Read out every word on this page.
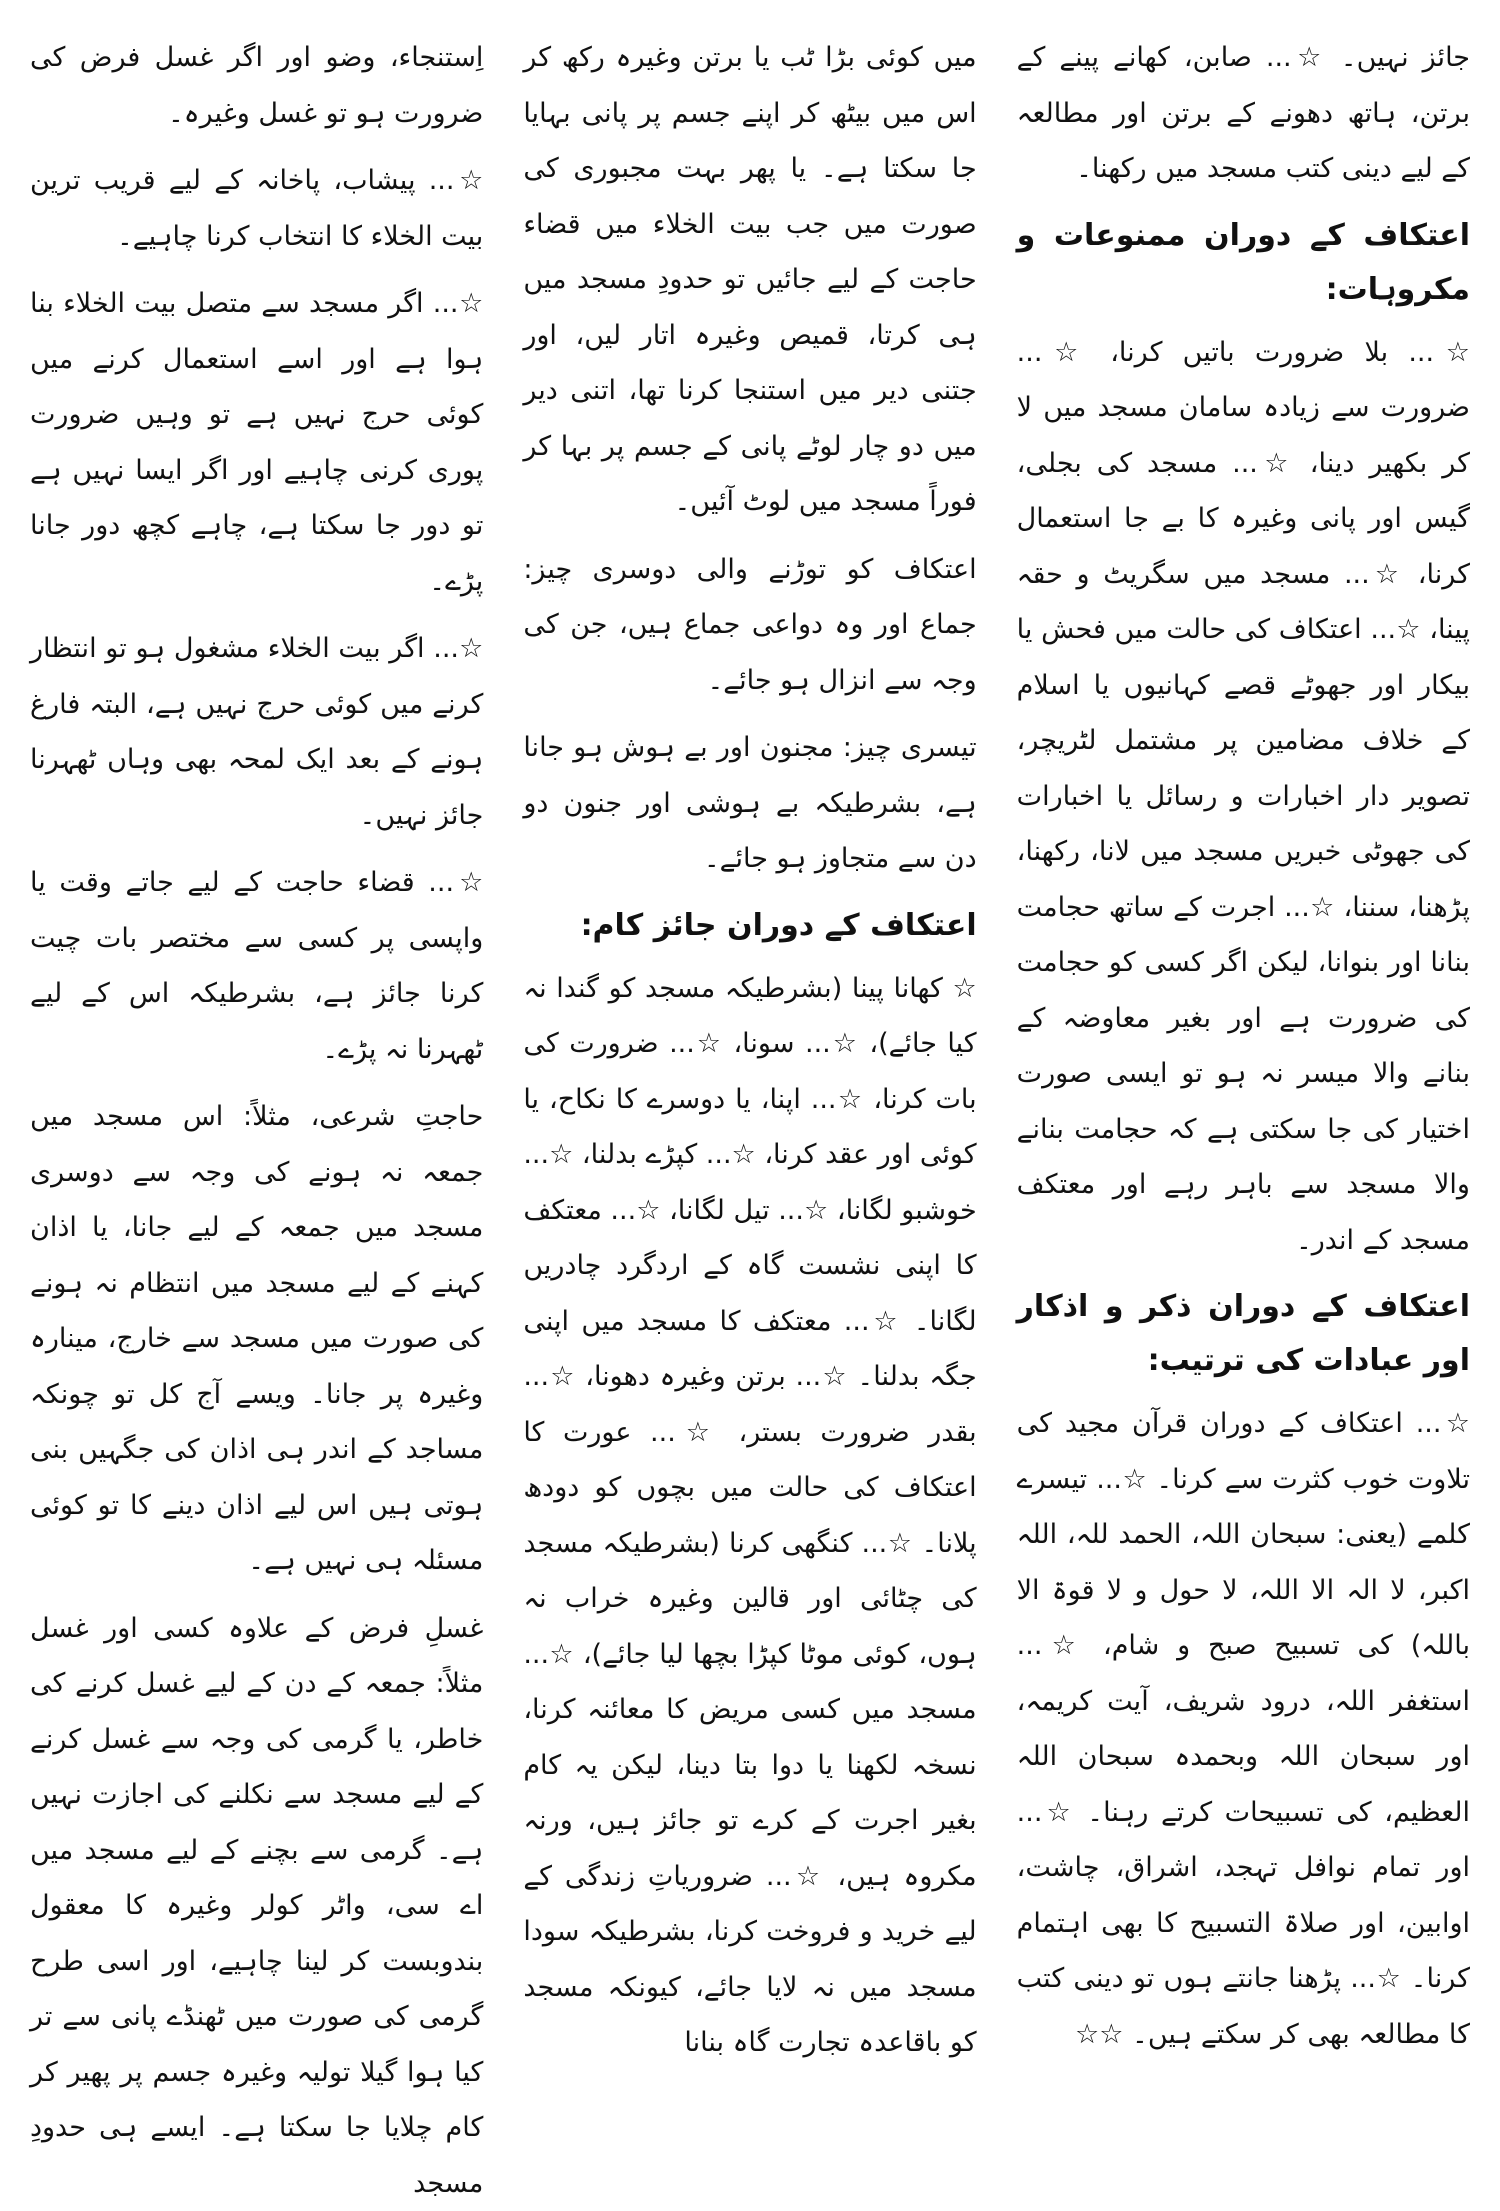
اِستنجاء، وضو اور اگر غسل فرض کی ضرورت ہو تو غسل وغیرہ۔

☆... پیشاب، پاخانہ کے لیے قریب ترین بیت الخلاء کا انتخاب کرنا چاہیے۔

☆... اگر مسجد سے متصل بیت الخلاء بنا ہوا ہے اور اسے استعمال کرنے میں کوئی حرج نہیں ہے تو وہیں ضرورت پوری کرنی چاہیے اور اگر ایسا نہیں ہے تو دور جا سکتا ہے، چاہے کچھ دور جانا پڑے۔

☆... اگر بیت الخلاء مشغول ہو تو انتظار کرنے میں کوئی حرج نہیں ہے، البتہ فارغ ہونے کے بعد ایک لمحہ بھی وہاں ٹھہرنا جائز نہیں۔

☆... قضاء حاجت کے لیے جاتے وقت یا واپسی پر کسی سے مختصر بات چیت کرنا جائز ہے، بشرطیکہ اس کے لیے ٹھہرنا نہ پڑے۔

حاجتِ شرعی، مثلاً: اس مسجد میں جمعہ نہ ہونے کی وجہ سے دوسری مسجد میں جمعہ کے لیے جانا، یا اذان کہنے کے لیے مسجد میں انتظام نہ ہونے کی صورت میں مسجد سے خارج، مینارہ وغیرہ پر جانا۔ ویسے آج کل تو چونکہ مساجد کے اندر ہی اذان کی جگہیں بنی ہوتی ہیں اس لیے اذان دینے کا تو کوئی مسئلہ ہی نہیں ہے۔

غسلِ فرض کے علاوہ کسی اور غسل مثلاً: جمعہ کے دن کے لیے غسل کرنے کی خاطر، یا گرمی کی وجہ سے غسل کرنے کے لیے مسجد سے نکلنے کی اجازت نہیں ہے۔ گرمی سے بچنے کے لیے مسجد میں اے سی، واٹر کولر وغیرہ کا معقول بندوبست کر لینا چاہیے، اور اسی طرح گرمی کی صورت میں ٹھنڈے پانی سے تر کیا ہوا گیلا تولیہ وغیرہ جسم پر پھیر کر کام چلایا جا سکتا ہے۔ ایسے ہی حدودِ مسجد

میں کوئی بڑا ٹب یا برتن وغیرہ رکھ کر اس میں بیٹھ کر اپنے جسم پر پانی بہایا جا سکتا ہے۔ یا پھر بہت مجبوری کی صورت میں جب بیت الخلاء میں قضاء حاجت کے لیے جائیں تو حدودِ مسجد میں ہی کرتا، قمیص وغیرہ اتار لیں، اور جتنی دیر میں استنجا کرنا تھا، اتنی دیر میں دو چار لوٹے پانی کے جسم پر بہا کر فوراً مسجد میں لوٹ آئیں۔

اعتکاف کو توڑنے والی دوسری چیز: جماع اور وہ دواعی جماع ہیں، جن کی وجہ سے انزال ہو جائے۔

تیسری چیز: مجنون اور بے ہوش ہو جانا ہے، بشرطیکہ بے ہوشی اور جنون دو دن سے متجاوز ہو جائے۔

اعتکاف کے دوران جائز کام:

☆ کھانا پینا (بشرطیکہ مسجد کو گندا نہ کیا جائے)، ☆... سونا، ☆... ضرورت کی بات کرنا، ☆... اپنا، یا دوسرے کا نکاح، یا کوئی اور عقد کرنا، ☆... کپڑے بدلنا، ☆... خوشبو لگانا، ☆... تیل لگانا، ☆... معتکف کا اپنی نشست گاہ کے اردگرد چادریں لگانا۔ ☆... معتکف کا مسجد میں اپنی جگہ بدلنا۔ ☆... برتن وغیرہ دھونا، ☆... بقدر ضرورت بستر، ☆... عورت کا اعتکاف کی حالت میں بچوں کو دودھ پلانا۔ ☆... کنگھی کرنا (بشرطیکہ مسجد کی چٹائی اور قالین وغیرہ خراب نہ ہوں، کوئی موٹا کپڑا بچھا لیا جائے)، ☆... مسجد میں کسی مریض کا معائنہ کرنا، نسخہ لکھنا یا دوا بتا دینا، لیکن یہ کام بغیر اجرت کے کرے تو جائز ہیں، ورنہ مکروہ ہیں، ☆... ضروریاتِ زندگی کے لیے خرید و فروخت کرنا، بشرطیکہ سودا مسجد میں نہ لایا جائے، کیونکہ مسجد کو باقاعدہ تجارت گاہ بنانا

جائز نہیں۔ ☆... صابن، کھانے پینے کے برتن، ہاتھ دھونے کے برتن اور مطالعہ کے لیے دینی کتب مسجد میں رکھنا۔

اعتکاف کے دوران ممنوعات و مکروہات:

☆... بلا ضرورت باتیں کرنا، ☆... ضرورت سے زیادہ سامان مسجد میں لا کر بکھیر دینا، ☆... مسجد کی بجلی، گیس اور پانی وغیرہ کا بے جا استعمال کرنا، ☆... مسجد میں سگریٹ و حقہ پینا، ☆... اعتکاف کی حالت میں فحش یا بیکار اور جھوٹے قصے کہانیوں یا اسلام کے خلاف مضامین پر مشتمل لٹریچر، تصویر دار اخبارات و رسائل یا اخبارات کی جھوٹی خبریں مسجد میں لانا، رکھنا، پڑھنا، سننا، ☆... اجرت کے ساتھ حجامت بنانا اور بنوانا، لیکن اگر کسی کو حجامت کی ضرورت ہے اور بغیر معاوضہ کے بنانے والا میسر نہ ہو تو ایسی صورت اختیار کی جا سکتی ہے کہ حجامت بنانے والا مسجد سے باہر رہے اور معتکف مسجد کے اندر۔

اعتکاف کے دوران ذکر و اذکار اور عبادات کی ترتیب:

☆... اعتکاف کے دوران قرآن مجید کی تلاوت خوب کثرت سے کرنا۔ ☆... تیسرے کلمے (یعنی: سبحان اللہ، الحمد للہ، اللہ اکبر، لا الہ الا اللہ، لا حول و لا قوۃ الا باللہ) کی تسبیح صبح و شام، ☆... استغفر اللہ، درود شریف، آیت کریمہ، اور سبحان اللہ وبحمدہ سبحان اللہ العظیم، کی تسبیحات کرتے رہنا۔ ☆... اور تمام نوافل تہجد، اشراق، چاشت، اوابین، اور صلاۃ التسبیح کا بھی اہتمام کرنا۔ ☆... پڑھنا جانتے ہوں تو دینی کتب کا مطالعہ بھی کر سکتے ہیں۔ ☆☆
